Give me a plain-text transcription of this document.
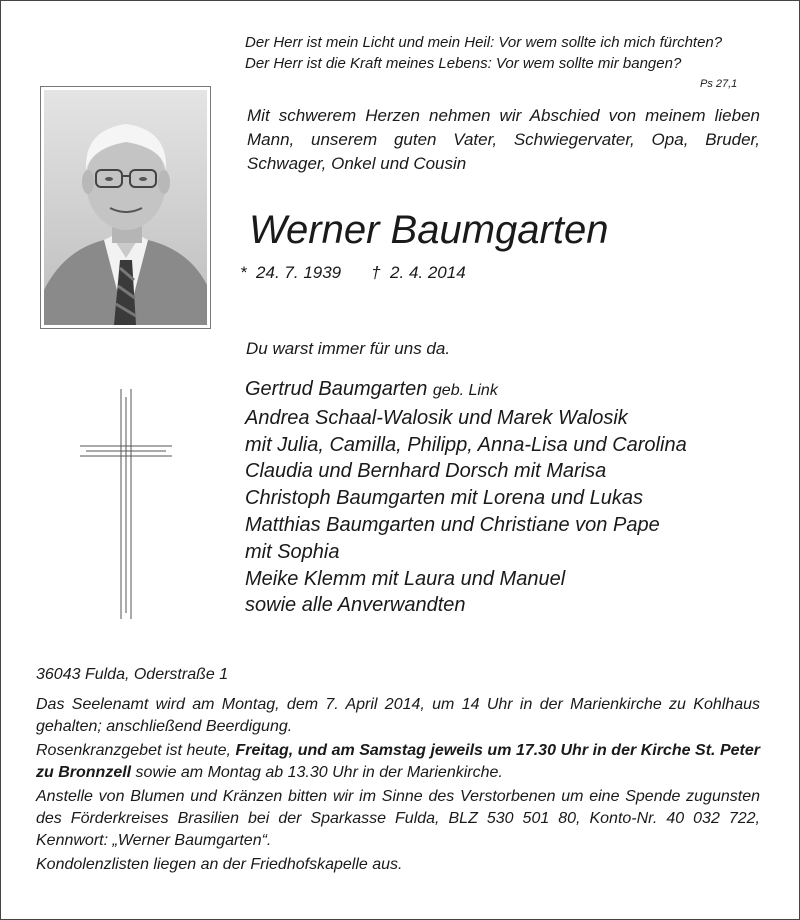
Der Herr ist mein Licht und mein Heil: Vor wem sollte ich mich fürchten?
Der Herr ist die Kraft meines Lebens: Vor wem sollte mir bangen?
Ps 27,1
Mit schwerem Herzen nehmen wir Abschied von meinem lieben Mann, unserem guten Vater, Schwiegervater, Opa, Bruder, Schwager, Onkel und Cousin
Werner Baumgarten
*  24. 7. 1939 †  2. 4. 2014
Du warst immer für uns da.
Gertrud Baumgarten geb. Link
Andrea Schaal-Walosik und Marek Walosik
mit Julia, Camilla, Philipp, Anna-Lisa und Carolina
Claudia und Bernhard Dorsch mit Marisa
Christoph Baumgarten mit Lorena und Lukas
Matthias Baumgarten und Christiane von Pape
mit Sophia
Meike Klemm mit Laura und Manuel
sowie alle Anverwandten
36043 Fulda, Oderstraße 1

Das Seelenamt wird am Montag, dem 7. April 2014, um 14 Uhr in der Marienkirche zu Kohlhaus gehalten; anschließend Beerdigung.

Rosenkranzgebet ist heute, Freitag, und am Samstag jeweils um 17.30 Uhr in der Kirche St. Peter zu Bronnzell sowie am Montag ab 13.30 Uhr in der Marienkirche.

Anstelle von Blumen und Kränzen bitten wir im Sinne des Verstorbenen um eine Spende zugunsten des Förderkreises Brasilien bei der Sparkasse Fulda, BLZ 530 501 80, Konto-Nr. 40 032 722, Kennwort: „Werner Baumgarten“.

Kondolenzlisten liegen an der Friedhofskapelle aus.
